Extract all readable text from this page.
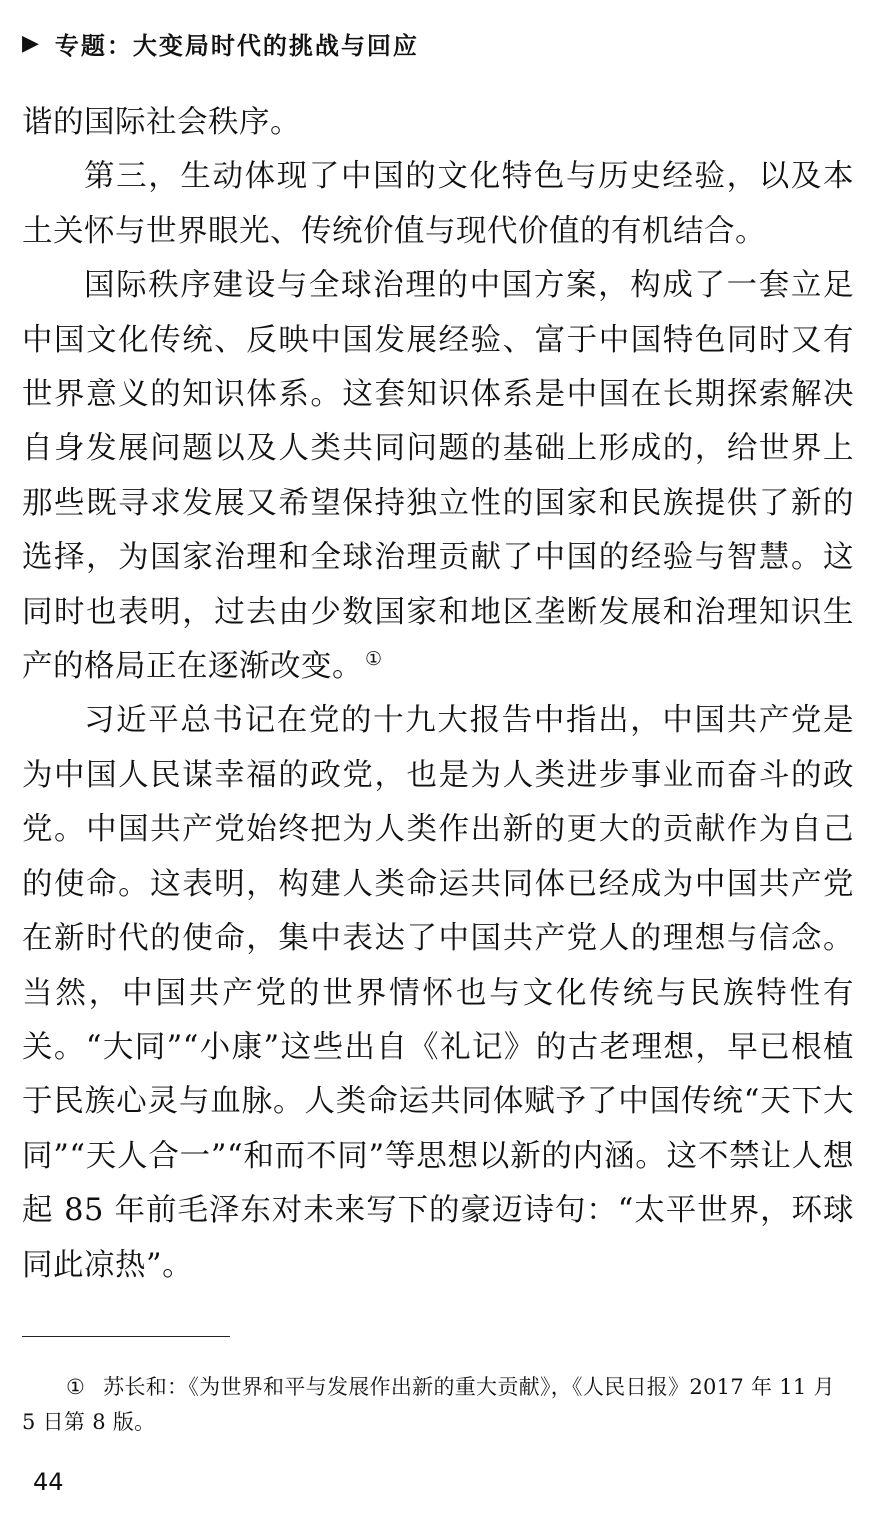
▶ 专题：大变局时代的挑战与回应

谐的国际社会秩序。

第三，生动体现了中国的文化特色与历史经验，以及本土关怀与世界眼光、传统价值与现代价值的有机结合。

国际秩序建设与全球治理的中国方案，构成了一套立足中国文化传统、反映中国发展经验、富于中国特色同时又有世界意义的知识体系。这套知识体系是中国在长期探索解决自身发展问题以及人类共同问题的基础上形成的，给世界上那些既寻求发展又希望保持独立性的国家和民族提供了新的选择，为国家治理和全球治理贡献了中国的经验与智慧。这同时也表明，过去由少数国家和地区垄断发展和治理知识生产的格局正在逐渐改变。 ①

习近平总书记在党的十九大报告中指出，中国共产党是为中国人民谋幸福的政党，也是为人类进步事业而奋斗的政党。中国共产党始终把为人类作出新的更大的贡献作为自己的使命。这表明，构建人类命运共同体已经成为中国共产党在新时代的使命，集中表达了中国共产党人的理想与信念。当然，中国共产党的世界情怀也与文化传统与民族特性有关。“大同”“小康”这些出自《礼记》的古老理想，早已根植于民族心灵与血脉。人类命运共同体赋予了中国传统“天下大同”“天人合一”“和而不同”等思想以新的内涵。这不禁让人想起 85 年前毛泽东对未来写下的豪迈诗句：“太平世界，环球同此凉热”。

① 苏长和：《为世界和平与发展作出新的重大贡献》，《人民日报》2017 年 11 月 5 日第 8 版。
44
